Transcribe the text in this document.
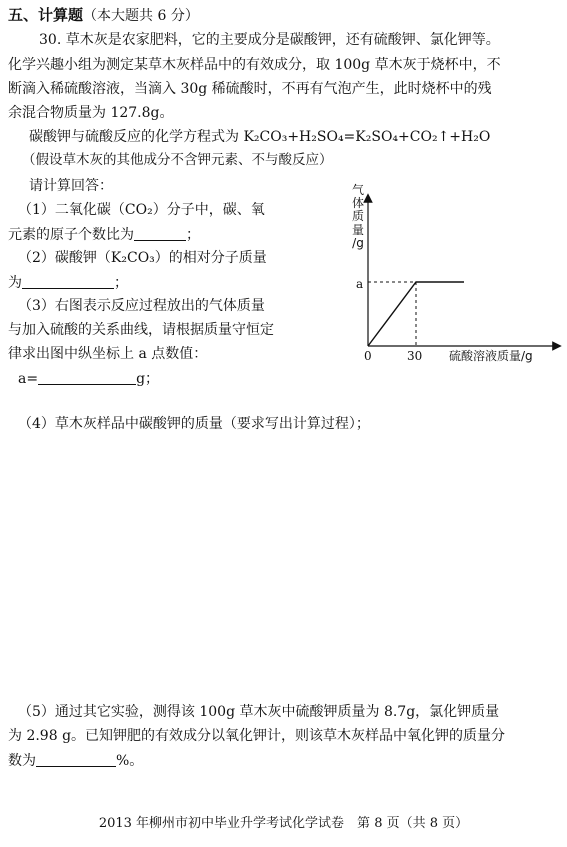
五、计算题（本大题共 6 分）
30. 草木灰是农家肥料，它的主要成分是碳酸钾，还有硫酸钾、氯化钾等。
化学兴趣小组为测定某草木灰样品中的有效成分，取 100g 草木灰于烧杯中，不
断滴入稀硫酸溶液，当滴入 30g 稀硫酸时，不再有气泡产生，此时烧杯中的残
余混合物质量为 127.8g。
碳酸钾与硫酸反应的化学方程式为 K₂CO₃+H₂SO₄=K₂SO₄+CO₂↑+H₂O
（假设草木灰的其他成分不含钾元素、不与酸反应）
请计算回答：
（1）二氧化碳（CO₂）分子中，碳、氧
元素的原子个数比为	；
（2）碳酸钾（K₂CO₃）的相对分子质量
为	；
（3）右图表示反应过程放出的气体质量
与加入硫酸的关系曲线，请根据质量守恒定
律求出图中纵坐标上 a 点数值：
a=	g；
（4）草木灰样品中碳酸钾的质量（要求写出计算过程）；
（5）通过其它实验，测得该 100g 草木灰中硫酸钾质量为 8.7g，氯化钾质量
为 2.98 g。已知钾肥的有效成分以氧化钾计，则该草木灰样品中氧化钾的质量分
数为	%。
气
体
质
量
/g
a
0	30 硫酸溶液质量/g
2013 年柳州市初中毕业升学考试化学试卷　第 8 页（共 8 页）
